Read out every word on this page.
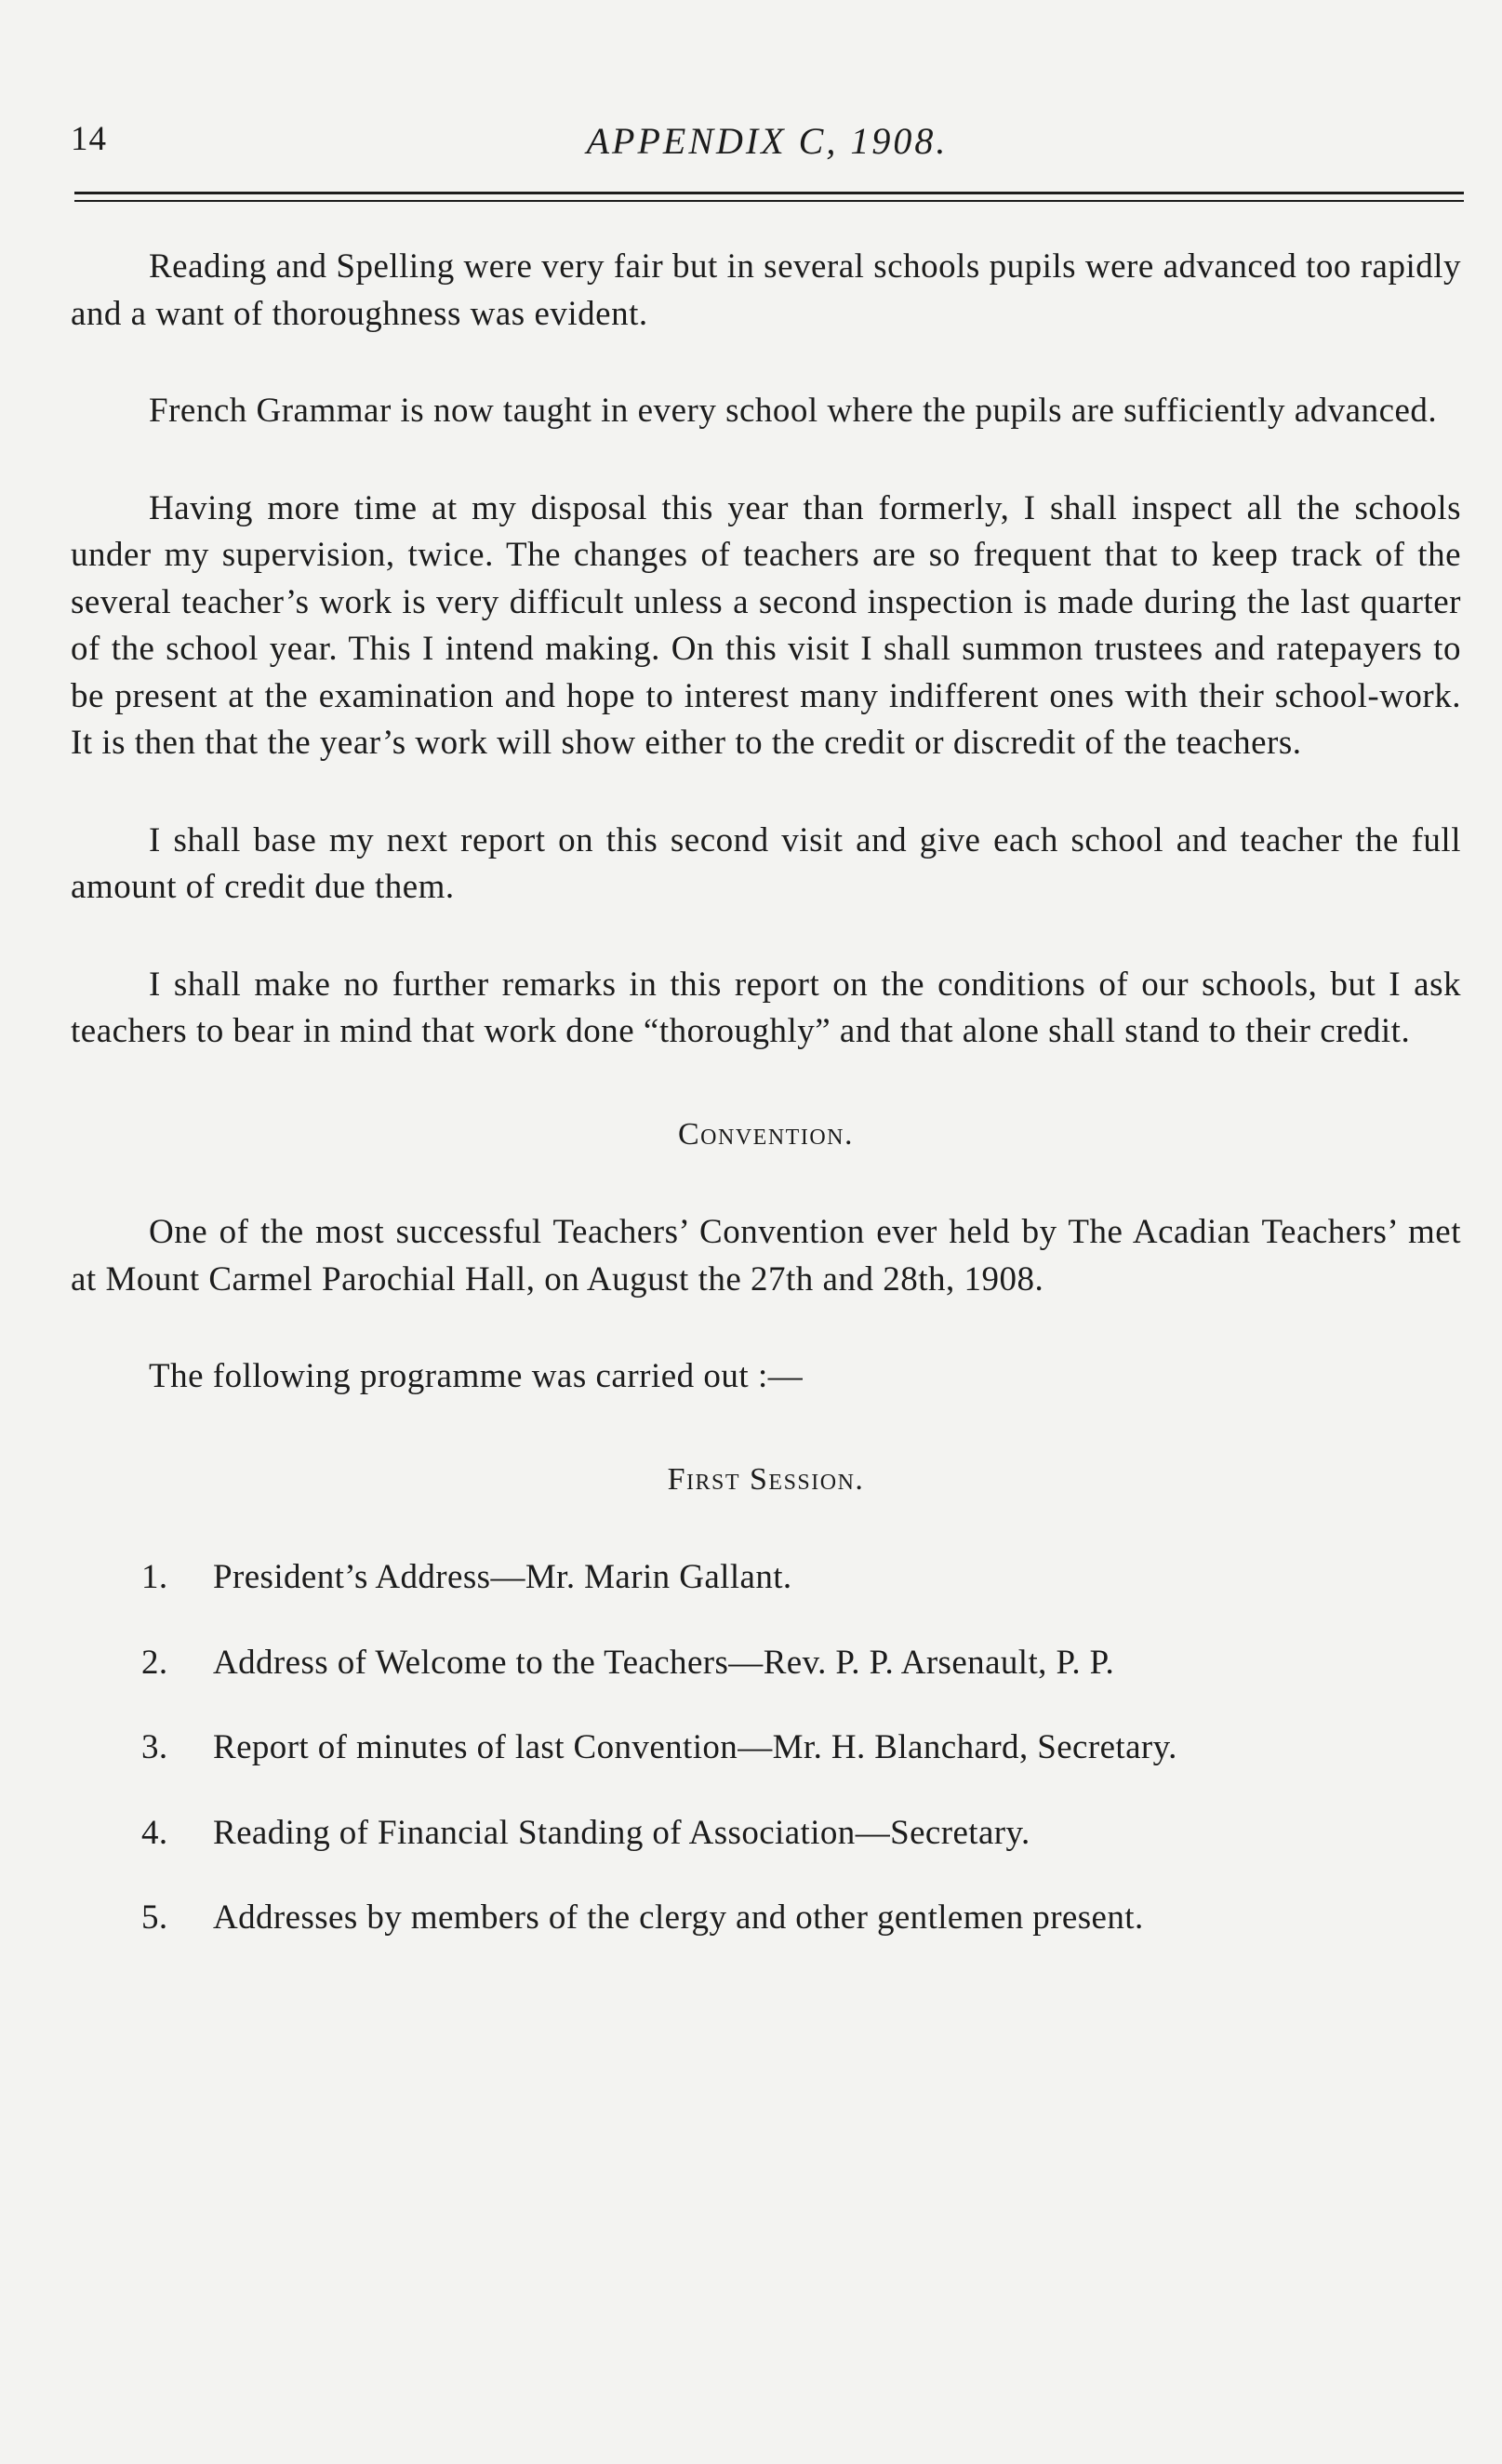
14	APPENDIX C, 1908.

Reading and Spelling were very fair but in several schools pupils were advanced too rapidly and a want of thoroughness was evident.

French Grammar is now taught in every school where the pupils are sufficiently advanced.

Having more time at my disposal this year than formerly, I shall inspect all the schools under my supervision, twice. The changes of teachers are so frequent that to keep track of the several teacher’s work is very difficult unless a second inspection is made during the last quarter of the school year. This I intend making. On this visit I shall summon trustees and ratepayers to be present at the examination and hope to interest many indifferent ones with their school-work. It is then that the year’s work will show either to the credit or discredit of the teachers.

I shall base my next report on this second visit and give each school and teacher the full amount of credit due them.

I shall make no further remarks in this report on the conditions of our schools, but I ask teachers to bear in mind that work done “thoroughly” and that alone shall stand to their credit.

Convention.

One of the most successful Teachers’ Convention ever held by The Acadian Teachers’ met at Mount Carmel Parochial Hall, on August the 27th and 28th, 1908.

The following programme was carried out :—

First Session.
1. President’s Address—Mr. Marin Gallant.
2. Address of Welcome to the Teachers—Rev. P. P. Arsenault, P. P.
3. Report of minutes of last Convention—Mr. H. Blanchard, Secretary.
4. Reading of Financial Standing of Association—Secretary.
5. Addresses by members of the clergy and other gentlemen present.
